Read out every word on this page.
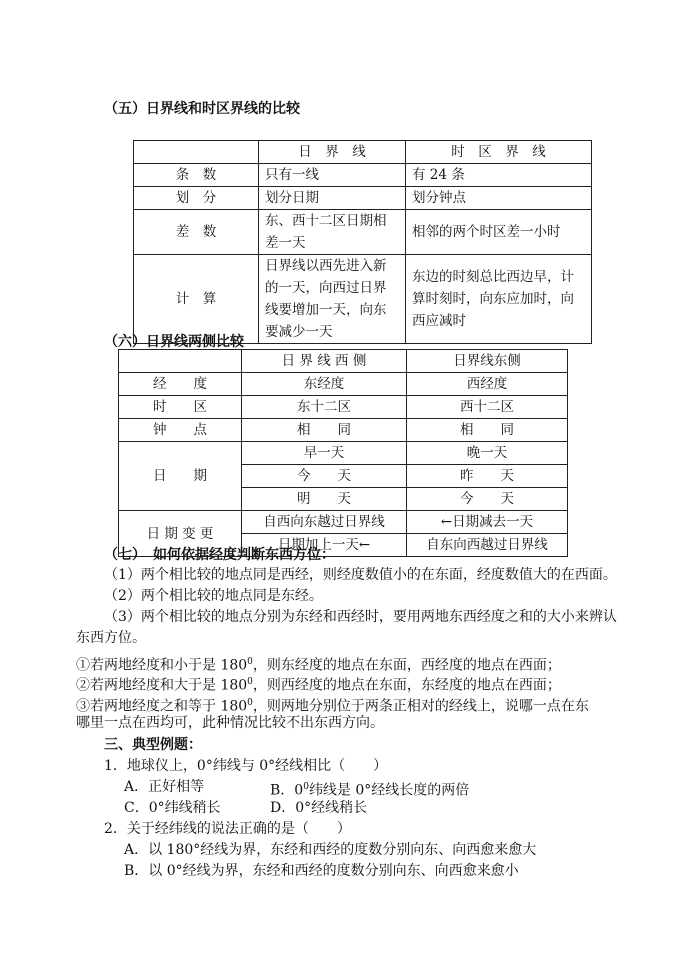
（五）日界线和时区界线的比较
	日　界　线	时　区　界　线
条　数	只有一线	有 24 条
划　分	划分日期	划分钟点
差　数	东、西十二区日期相差一天	相邻的两个时区差一小时
计　算	日界线以西先进入新的一天，向西过日界线要增加一天，向东要减少一天	东边的时刻总比西边早，计算时刻时，向东应加时，向西应减时
（六）日界线两侧比较
	日 界 线 西 侧	日界线东侧
经　　度	东经度	西经度
时　　区	东十二区	西十二区
钟　　点	相　　同	相　　同
日　　期	早一天	晚一天
	今　　天	昨　　天
	明　　天	今　　天
日 期 变 更	自西向东越过日界线	←日期减去一天
	日期加上一天←	自东向西越过日界线
（七）　如何依据经度判断东西方位：
（1）两个相比较的地点同是西经，则经度数值小的在东面，经度数值大的在西面。
（2）两个相比较的地点同是东经。
（3）两个相比较的地点分别为东经和西经时，要用两地东西经度之和的大小来辨认
东西方位。
①若两地经度和小于是 $180^0$，则东经度的地点在东面，西经度的地点在西面；
②若两地经度和大于是 $180^0$，则西经度的地点在东面，东经度的地点在西面；
③若两地经度之和等于 $180^0$，则两地分别位于两条正相对的经线上，说哪一点在东
哪里一点在西均可，此种情况比较不出东西方向。
三、典型例题：
1．地球仪上，0°纬线与 0°经线相比（　　）
A．正好相等	B．$0^0$纬线是 0°经线长度的两倍
C．0°纬线稍长	D．0°经线稍长
2．关于经纬线的说法正确的是（　　）
A．以 180°经线为界，东经和西经的度数分别向东、向西愈来愈大
B．以 0°经线为界，东经和西经的度数分别向东、向西愈来愈小
